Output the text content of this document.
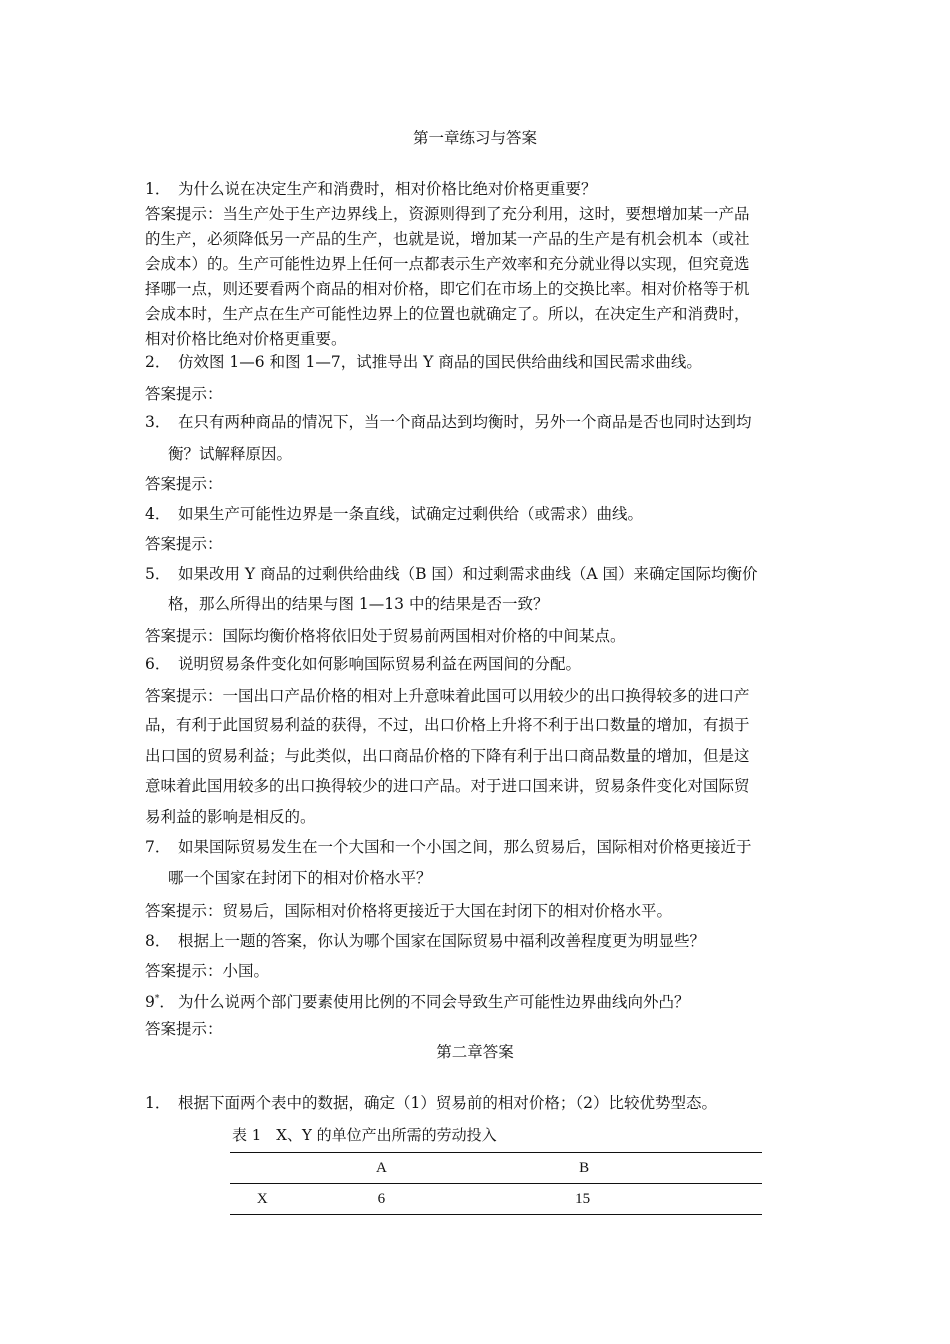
第一章练习与答案
1． 为什么说在决定生产和消费时，相对价格比绝对价格更重要？
答案提示：当生产处于生产边界线上，资源则得到了充分利用，这时，要想增加某一产品
的生产，必须降低另一产品的生产，也就是说，增加某一产品的生产是有机会机本（或社
会成本）的。生产可能性边界上任何一点都表示生产效率和充分就业得以实现，但究竟选
择哪一点，则还要看两个商品的相对价格，即它们在市场上的交换比率。相对价格等于机
会成本时，生产点在生产可能性边界上的位置也就确定了。所以，在决定生产和消费时，
相对价格比绝对价格更重要。
2． 仿效图 1—6 和图 1—7，试推导出 Y 商品的国民供给曲线和国民需求曲线。
答案提示：
3． 在只有两种商品的情况下，当一个商品达到均衡时，另外一个商品是否也同时达到均
衡？试解释原因。
答案提示：
4． 如果生产可能性边界是一条直线，试确定过剩供给（或需求）曲线。
答案提示：
5． 如果改用 Y 商品的过剩供给曲线（B 国）和过剩需求曲线（A 国）来确定国际均衡价
格，那么所得出的结果与图 1—13 中的结果是否一致？
答案提示：国际均衡价格将依旧处于贸易前两国相对价格的中间某点。
6． 说明贸易条件变化如何影响国际贸易利益在两国间的分配。
答案提示：一国出口产品价格的相对上升意味着此国可以用较少的出口换得较多的进口产
品，有利于此国贸易利益的获得，不过，出口价格上升将不利于出口数量的增加，有损于
出口国的贸易利益；与此类似，出口商品价格的下降有利于出口商品数量的增加，但是这
意味着此国用较多的出口换得较少的进口产品。对于进口国来讲，贸易条件变化对国际贸
易利益的影响是相反的。
7． 如果国际贸易发生在一个大国和一个小国之间，那么贸易后，国际相对价格更接近于
哪一个国家在封闭下的相对价格水平？
答案提示：贸易后，国际相对价格将更接近于大国在封闭下的相对价格水平。
8． 根据上一题的答案，你认为哪个国家在国际贸易中福利改善程度更为明显些？
答案提示：小国。
9*． 为什么说两个部门要素使用比例的不同会导致生产可能性边界曲线向外凸？
答案提示：
第二章答案
1． 根据下面两个表中的数据，确定（1）贸易前的相对价格；（2）比较优势型态。
表 1　X、Y 的单位产出所需的劳动投入
	A	B
X	6	15
